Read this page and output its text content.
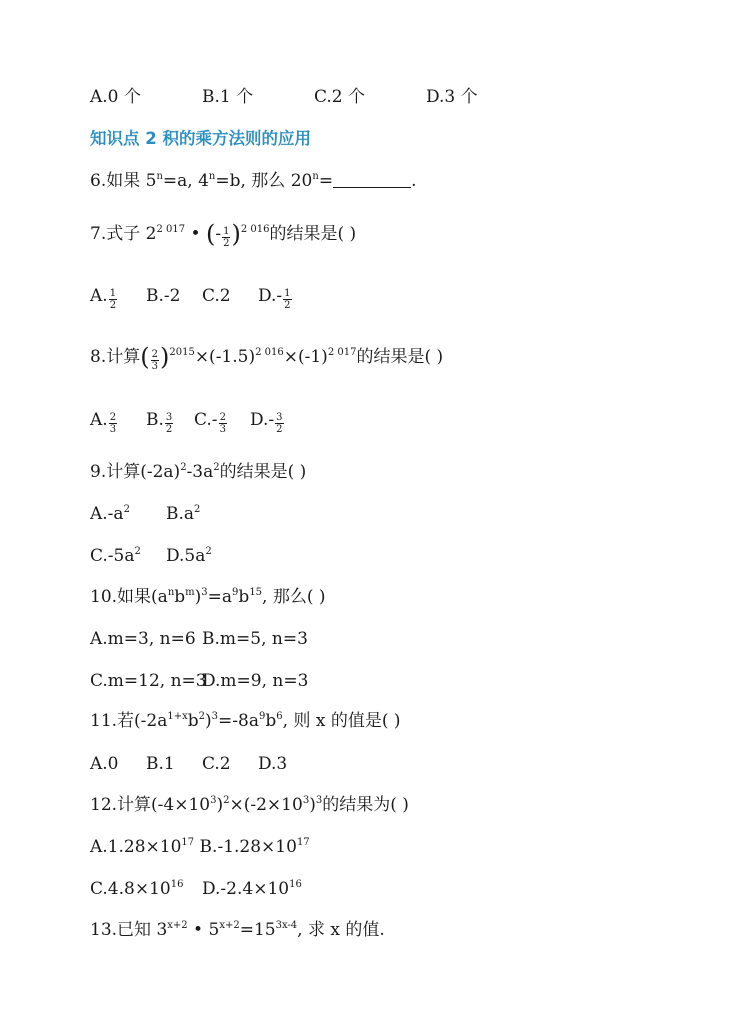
A.0 个	B.1 个	C.2 个	D.3 个
知识点 2 积的乘方法则的应用
6.如果 $5^n=a$, $4^n=b$, 那么 $20^n=$	.
7.式子 $2^{2 017}$ • (- $\frac{1}{2} )^{2 016}$的结果是( )
A. $\frac{1}{2} B.-2$ C.2 $D.- \frac{1}{2}$
8.计算( $\frac{2}{3} )^{2015}\times(-1.5)^{2 016}\times(-1)^{2 017}$的结果是( )
A. $\frac{2}{3} B$. $\frac{3}{2} C.- \frac{2}{3} D.- \frac{3}{2}$
9.计算$(-2a)^2-3a^2$的结果是( )
$A.-a^2$ $B.a^2$
$C.-5a^2$ $D.5a^2$
10.如果$(a^nb^m)^3=a^9b^{15}$, 那么( )
A.m=3, n=6 B.m=5, n=3
C.m=12, n=3D.m=9, n=3
11.若$(-2a^{1+x}b^2)^3=-8a^9b^6$, 则 x 的值是( )
A.0 B.1 C.2 D.3
12.计算$(-4\times 10^3)^2\times(-2\times 10^3)^3$的结果为( )
$A.1.28\times 10^{17}$ $B.-1.28\times 10^{17}$
$C.4.8\times 10^{16}$ $D.-2.4\times 10^{16}$
13.已知 $3^{x+2}$ • $5^{x+2}=15^{3x-4}$, 求 x 的值.
